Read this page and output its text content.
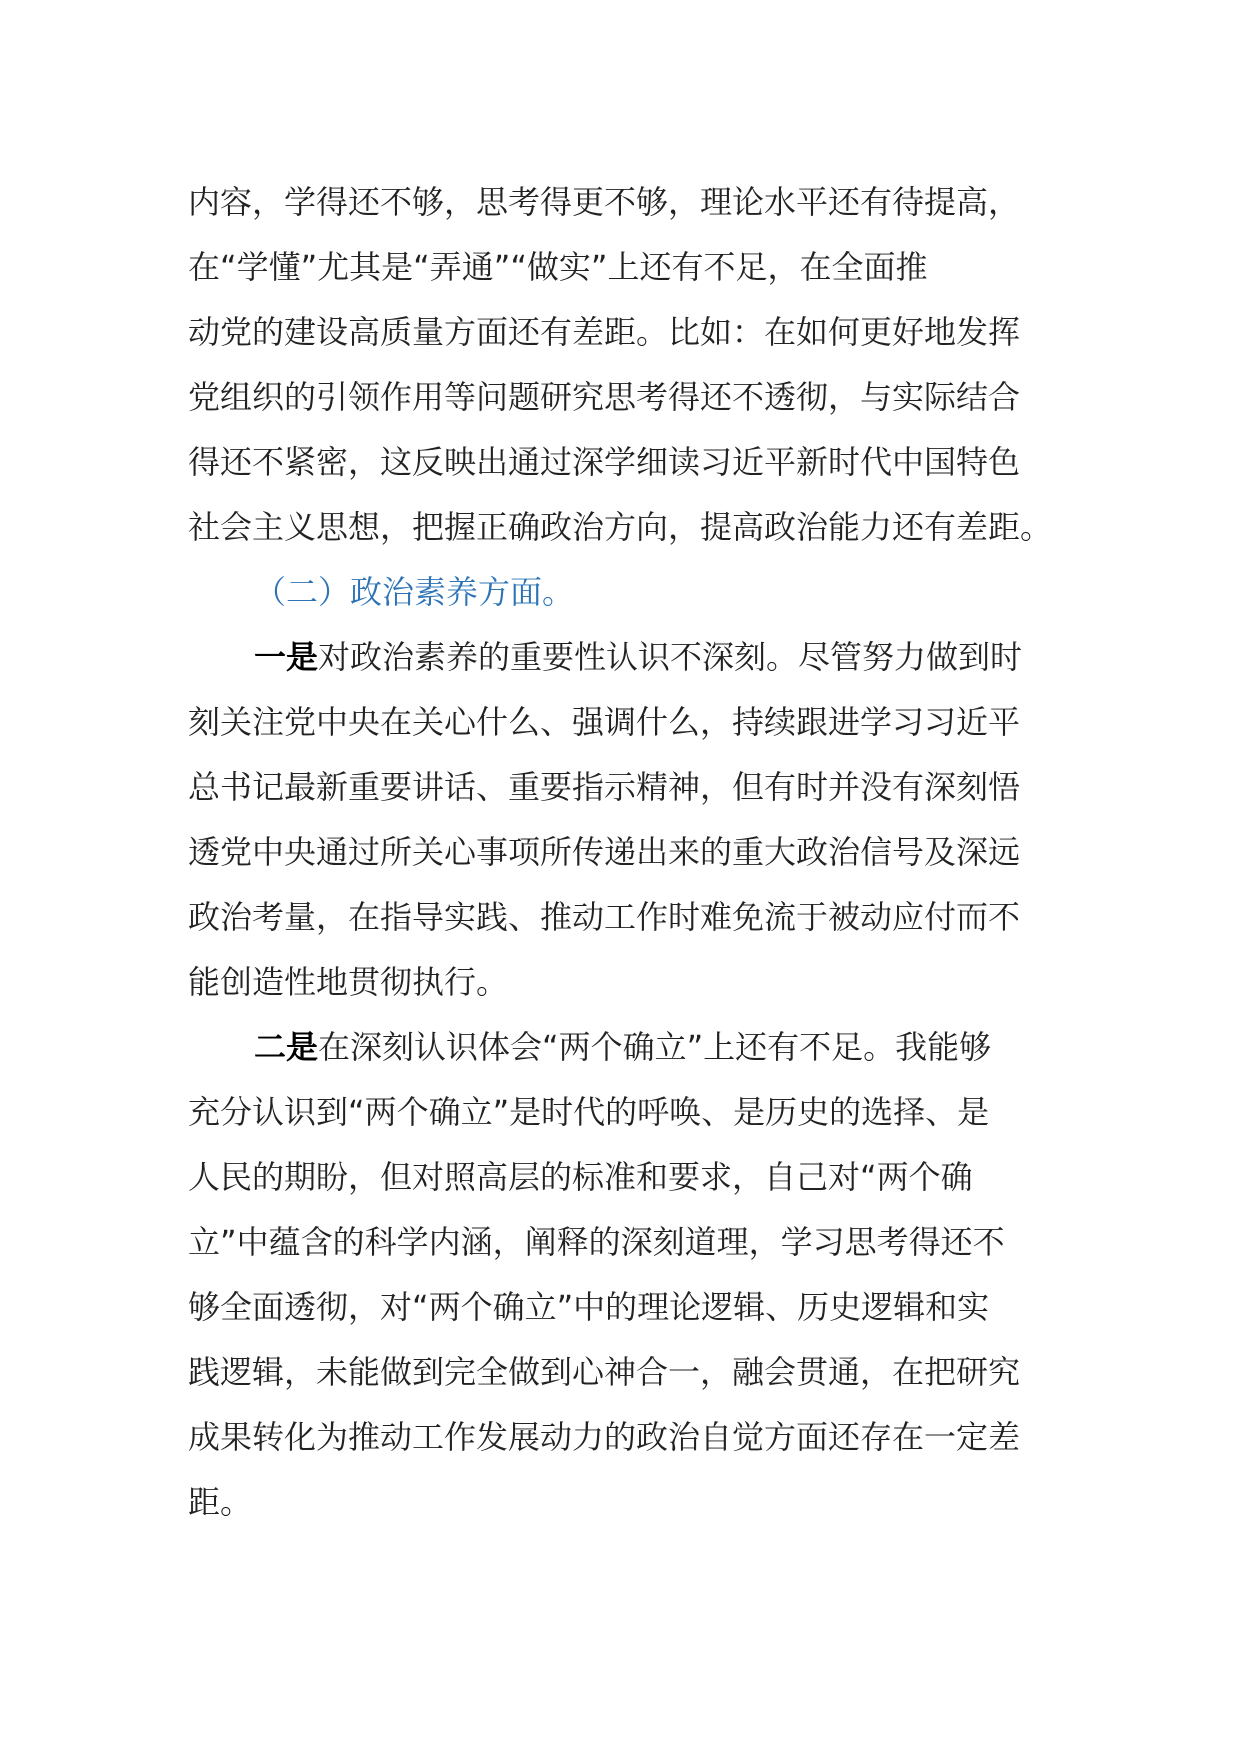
内容，学得还不够，思考得更不够，理论水平还有待提高，
在“学懂”尤其是“弄通”“做实”上还有不足，在全面推
动党的建设高质量方面还有差距。比如：在如何更好地发挥
党组织的引领作用等问题研究思考得还不透彻，与实际结合
得还不紧密，这反映出通过深学细读习近平新时代中国特色
社会主义思想，把握正确政治方向，提高政治能力还有差距。
（二）政治素养方面。
一是对政治素养的重要性认识不深刻。尽管努力做到时
刻关注党中央在关心什么、强调什么，持续跟进学习习近平
总书记最新重要讲话、重要指示精神，但有时并没有深刻悟
透党中央通过所关心事项所传递出来的重大政治信号及深远
政治考量，在指导实践、推动工作时难免流于被动应付而不
能创造性地贯彻执行。
二是在深刻认识体会“两个确立”上还有不足。我能够
充分认识到“两个确立”是时代的呼唤、是历史的选择、是
人民的期盼，但对照高层的标准和要求，自己对“两个确
立”中蕴含的科学内涵，阐释的深刻道理，学习思考得还不
够全面透彻，对“两个确立”中的理论逻辑、历史逻辑和实
践逻辑，未能做到完全做到心神合一，融会贯通，在把研究
成果转化为推动工作发展动力的政治自觉方面还存在一定差
距。
